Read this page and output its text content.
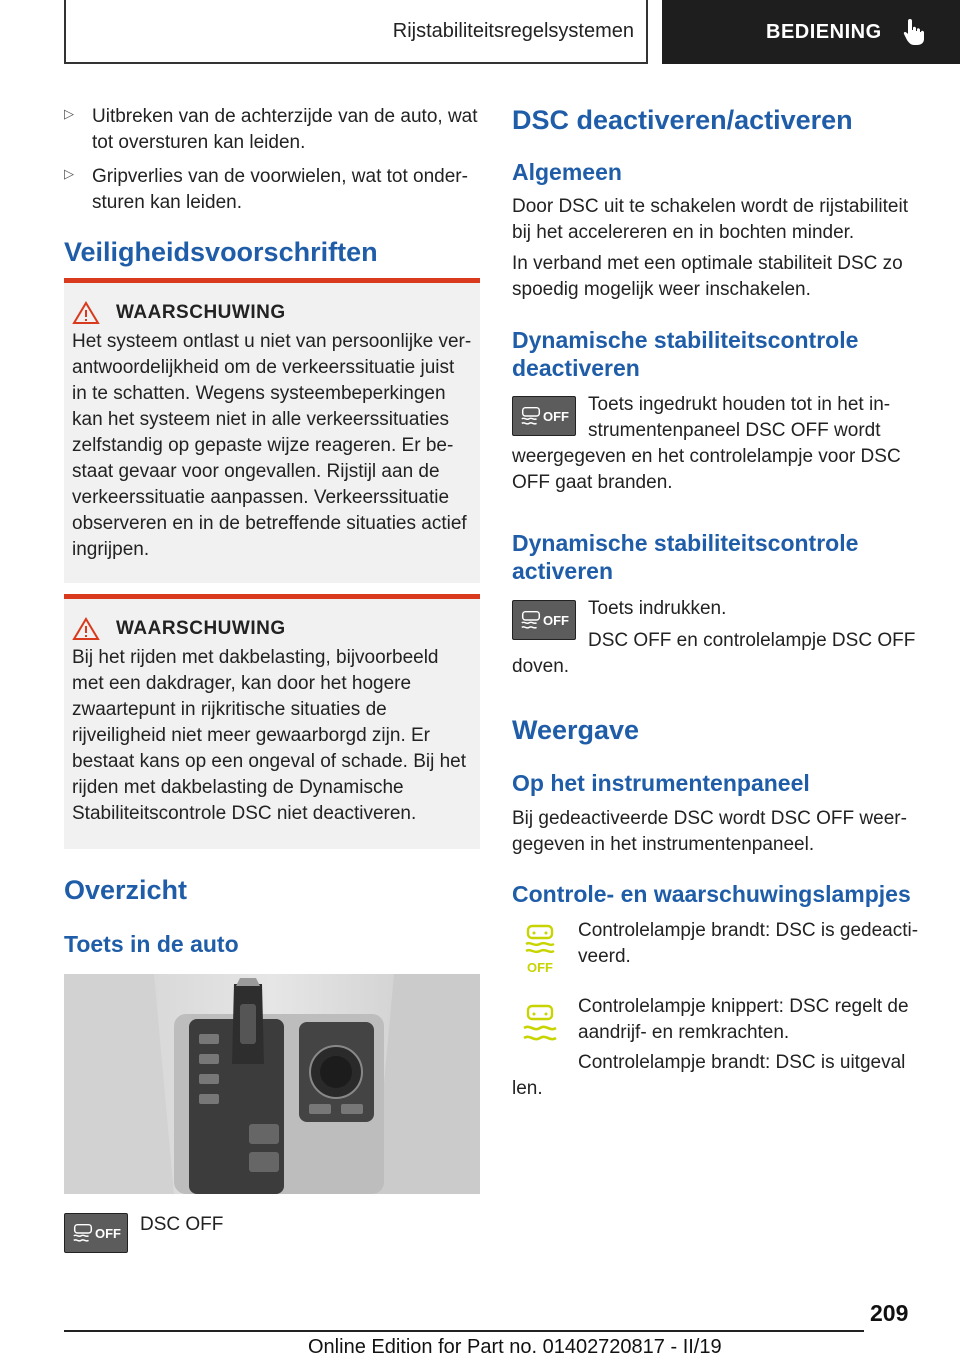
Rijstabiliteitsregelsystemen	BEDIENING
▷ Uitbreken van de achterzijde van de auto, wat tot oversturen kan leiden.

▷ Gripverlies van de voorwielen, wat tot ondersturen kan leiden.

Veiligheidsvoorschriften
WAARSCHUWING

Het systeem ontlast u niet van persoonlijke verantwoordelijkheid om de verkeerssituatie juist in te schatten. Wegens systeembeperkingen kan het systeem niet in alle verkeerssituaties zelfstandig op gepaste wijze reageren. Er bestaat gevaar voor ongevallen. Rijstijl aan de verkeerssituatie aanpassen. Verkeerssituatie observeren en in de betreffende situaties actief ingrijpen.

WAARSCHUWING

Bij het rijden met dakbelasting, bijvoorbeeld met een dakdrager, kan door het hogere zwaartepunt in rijkritische situaties de rijveiligheid niet meer gewaarborgd zijn. Er bestaat kans op een ongeval of schade. Bij het rijden met dakbelasting de Dynamische Stabiliteitscontrole DSC niet deactiveren.

Overzicht
Toets in de auto
OFF DSC OFF

DSC deactiveren/activeren
Algemeen

Door DSC uit te schakelen wordt de rijstabiliteit bij het accelereren en in bochten minder.

In verband met een optimale stabiliteit DSC zo spoedig mogelijk weer inschakelen.

Dynamische stabiliteitscontrole deactiveren
OFF

Toets ingedrukt houden tot in het instrumentenpaneel DSC OFF wordt

weergegeven en het controlelampje voor DSC OFF gaat branden.

Dynamische stabiliteitscontrole activeren
OFF

Toets indrukken.

DSC OFF en controlelampje DSC OFF

doven.

Weergave
Op het instrumentenpaneel

Bij gedeactiveerde DSC wordt DSC OFF weergegeven in het instrumentenpaneel.

Controle- en waarschuwingslampjes
OFF

Controlelampje brandt: DSC is gedeactiveerd.

Controlelampje knippert: DSC regelt de aandrijf- en remkrachten.

Controlelampje brandt: DSC is uitgeval

len.

209
Online Edition for Part no. 01402720817 - II/19
